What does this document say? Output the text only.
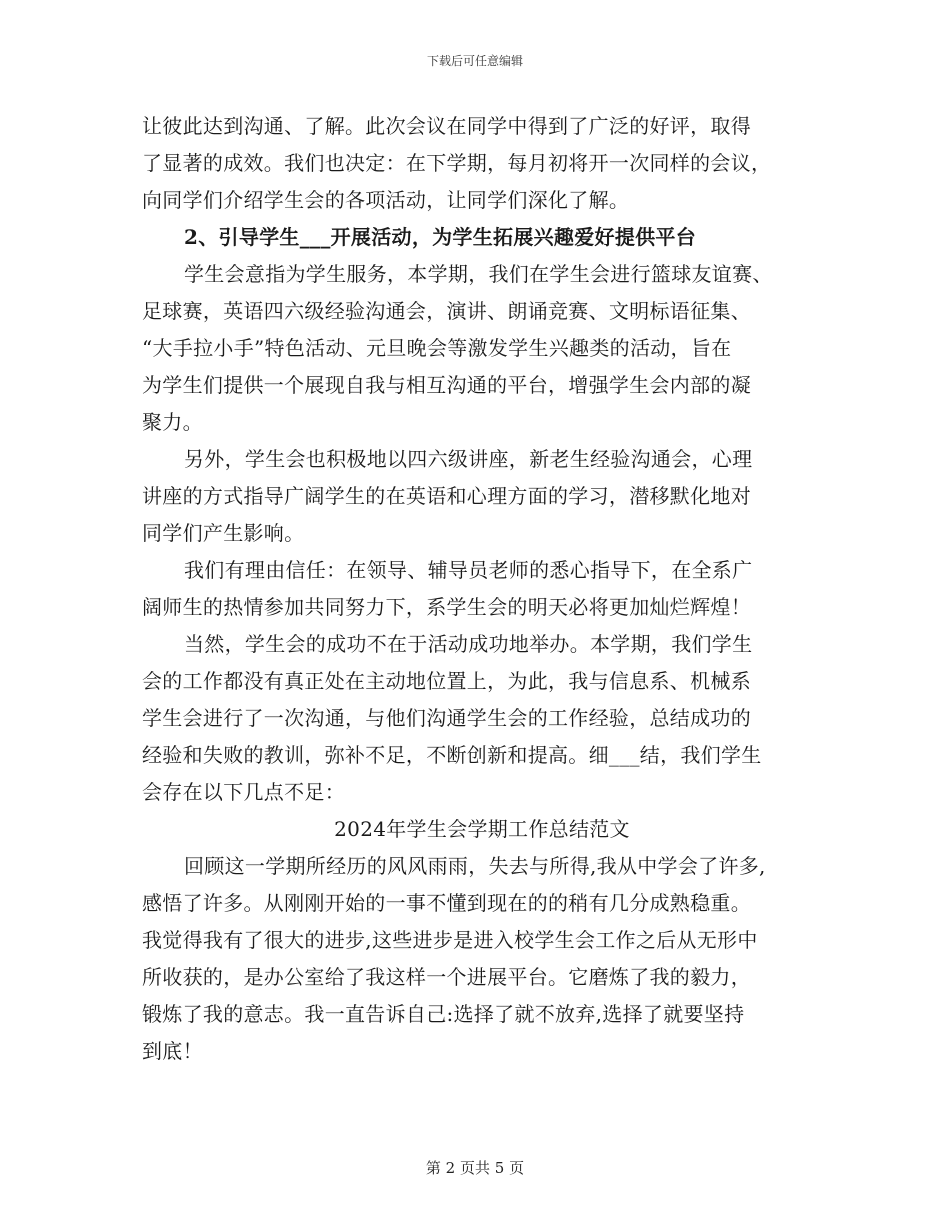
下载后可任意编辑
让彼此达到沟通、了解。此次会议在同学中得到了广泛的好评，取得
了显著的成效。我们也决定：在下学期，每月初将开一次同样的会议，
向同学们介绍学生会的各项活动，让同学们深化了解。
2、引导学生___开展活动，为学生拓展兴趣爱好提供平台
学生会意指为学生服务，本学期，我们在学生会进行篮球友谊赛、
足球赛，英语四六级经验沟通会，演讲、朗诵竞赛、文明标语征集、
“大手拉小手”特色活动、元旦晚会等激发学生兴趣类的活动，旨在
为学生们提供一个展现自我与相互沟通的平台，增强学生会内部的凝
聚力。
另外，学生会也积极地以四六级讲座，新老生经验沟通会，心理
讲座的方式指导广阔学生的在英语和心理方面的学习，潜移默化地对
同学们产生影响。
我们有理由信任：在领导、辅导员老师的悉心指导下，在全系广
阔师生的热情参加共同努力下，系学生会的明天必将更加灿烂辉煌！
当然，学生会的成功不在于活动成功地举办。本学期，我们学生
会的工作都没有真正处在主动地位置上，为此，我与信息系、机械系
学生会进行了一次沟通，与他们沟通学生会的工作经验，总结成功的
经验和失败的教训，弥补不足，不断创新和提高。细___结，我们学生
会存在以下几点不足：
2024年学生会学期工作总结范文
回顾这一学期所经历的风风雨雨，失去与所得,我从中学会了许多,
感悟了许多。从刚刚开始的一事不懂到现在的的稍有几分成熟稳重。
我觉得我有了很大的进步,这些进步是进入校学生会工作之后从无形中
所收获的，是办公室给了我这样一个进展平台。它磨炼了我的毅力，
锻炼了我的意志。我一直告诉自己:选择了就不放弃,选择了就要坚持
到底！
第 2 页共 5 页
